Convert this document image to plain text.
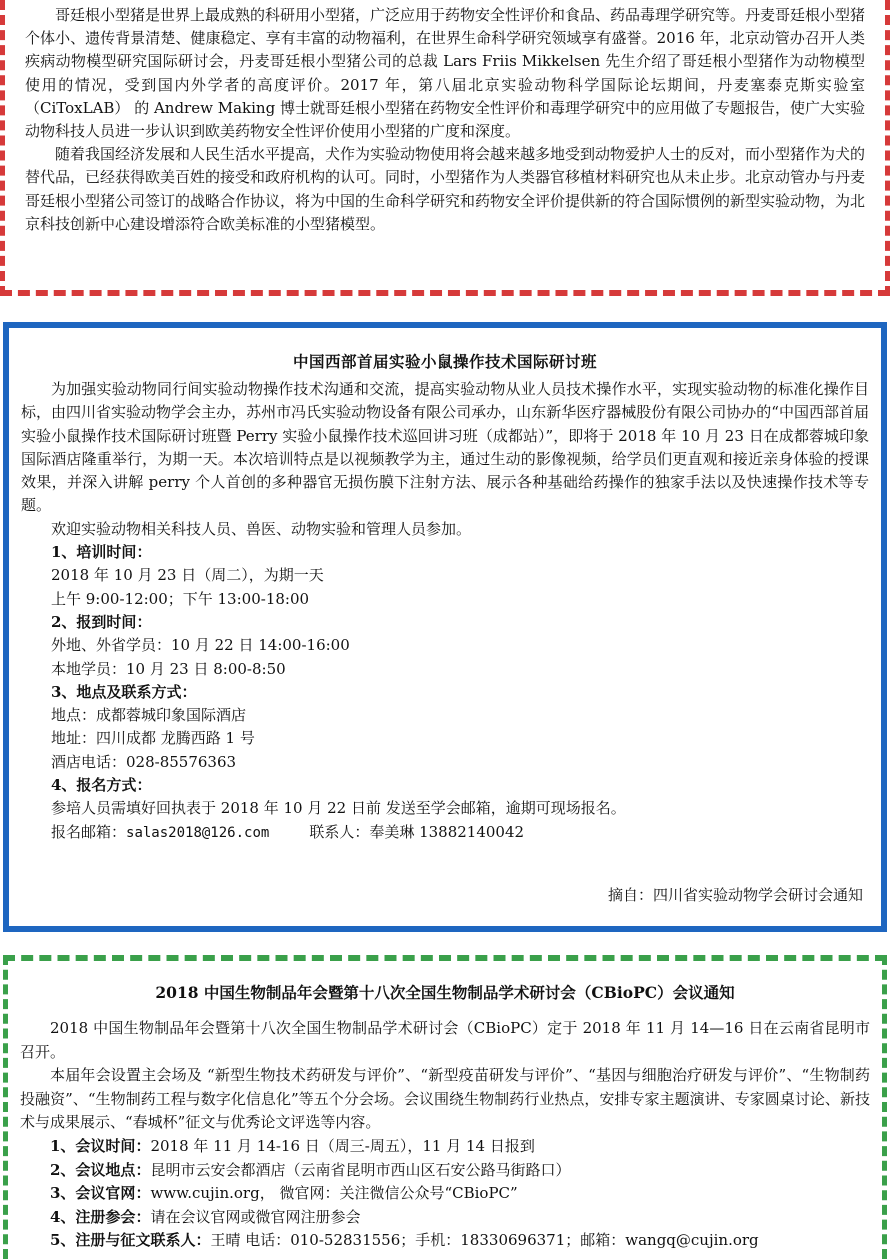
哥廷根小型猪是世界上最成熟的科研用小型猪，广泛应用于药物安全性评价和食品、药品毒理学研究等。丹麦哥廷根小型猪个体小、遗传背景清楚、健康稳定、享有丰富的动物福利，在世界生命科学研究领域享有盛誉。2016 年，北京动管办召开人类疾病动物模型研究国际研讨会，丹麦哥廷根小型猪公司的总裁 Lars Friis Mikkelsen 先生介绍了哥廷根小型猪作为动物模型使用的情况，受到国内外学者的高度评价。2017 年，第八届北京实验动物科学国际论坛期间，丹麦塞泰克斯实验室（CiToxLAB） 的 Andrew Making 博士就哥廷根小型猪在药物安全性评价和毒理学研究中的应用做了专题报告，使广大实验动物科技人员进一步认识到欧美药物安全性评价使用小型猪的广度和深度。

随着我国经济发展和人民生活水平提高，犬作为实验动物使用将会越来越多地受到动物爱护人士的反对，而小型猪作为犬的替代品，已经获得欧美百姓的接受和政府机构的认可。同时，小型猪作为人类器官移植材料研究也从未止步。北京动管办与丹麦哥廷根小型猪公司签订的战略合作协议，将为中国的生命科学研究和药物安全评价提供新的符合国际惯例的新型实验动物，为北京科技创新中心建设增添符合欧美标准的小型猪模型。

中国西部首届实验小鼠操作技术国际研讨班

为加强实验动物同行间实验动物操作技术沟通和交流，提高实验动物从业人员技术操作水平，实现实验动物的标准化操作目标，由四川省实验动物学会主办，苏州市冯氏实验动物设备有限公司承办，山东新华医疗器械股份有限公司协办的“中国西部首届实验小鼠操作技术国际研讨班暨 Perry 实验小鼠操作技术巡回讲习班（成都站）”，即将于 2018 年 10 月 23 日在成都蓉城印象国际酒店隆重举行，为期一天。本次培训特点是以视频教学为主，通过生动的影像视频，给学员们更直观和接近亲身体验的授课效果，并深入讲解 perry 个人首创的多种器官无损伤膜下注射方法、展示各种基础给药操作的独家手法以及快速操作技术等专题。

欢迎实验动物相关科技人员、兽医、动物实验和管理人员参加。

1、培训时间：

2018 年 10 月 23 日（周二），为期一天

上午 9:00-12:00；下午 13:00-18:00

2、报到时间：

外地、外省学员：10 月 22 日 14:00-16:00

本地学员：10 月 23 日 8:00-8:50

3、地点及联系方式：

地点：成都蓉城印象国际酒店

地址：四川成都 龙腾西路 1 号

酒店电话：028-85576363

4、报名方式：

参培人员需填好回执表于 2018 年 10 月 22 日前 发送至学会邮箱，逾期可现场报名。

报名邮箱：salas2018@126.com	联系人：奉美琳 13882140042

摘自：四川省实验动物学会研讨会通知
2018 中国生物制品年会暨第十八次全国生物制品学术研讨会（CBioPC）会议通知

2018 中国生物制品年会暨第十八次全国生物制品学术研讨会（CBioPC）定于 2018 年 11 月 14—16 日在云南省昆明市召开。

本届年会设置主会场及 “新型生物技术药研发与评价”、“新型疫苗研发与评价”、“基因与细胞治疗研发与评价”、“生物制药投融资”、“生物制药工程与数字化信息化”等五个分会场。会议围绕生物制药行业热点，安排专家主题演讲、专家圆桌讨论、新技术与成果展示、“春城杯”征文与优秀论文评选等内容。

1、会议时间：2018 年 11 月 14-16 日（周三-周五），11 月 14 日报到

2、会议地点：昆明市云安会都酒店（云南省昆明市西山区石安公路马街路口）

3、会议官网：www.cujin.org， 微官网：关注微信公众号“CBioPC”

4、注册参会：请在会议官网或微官网注册参会

5、注册与征文联系人：王晴 电话：010-52831556；手机：18330696371；邮箱：wangq@cujin.org
